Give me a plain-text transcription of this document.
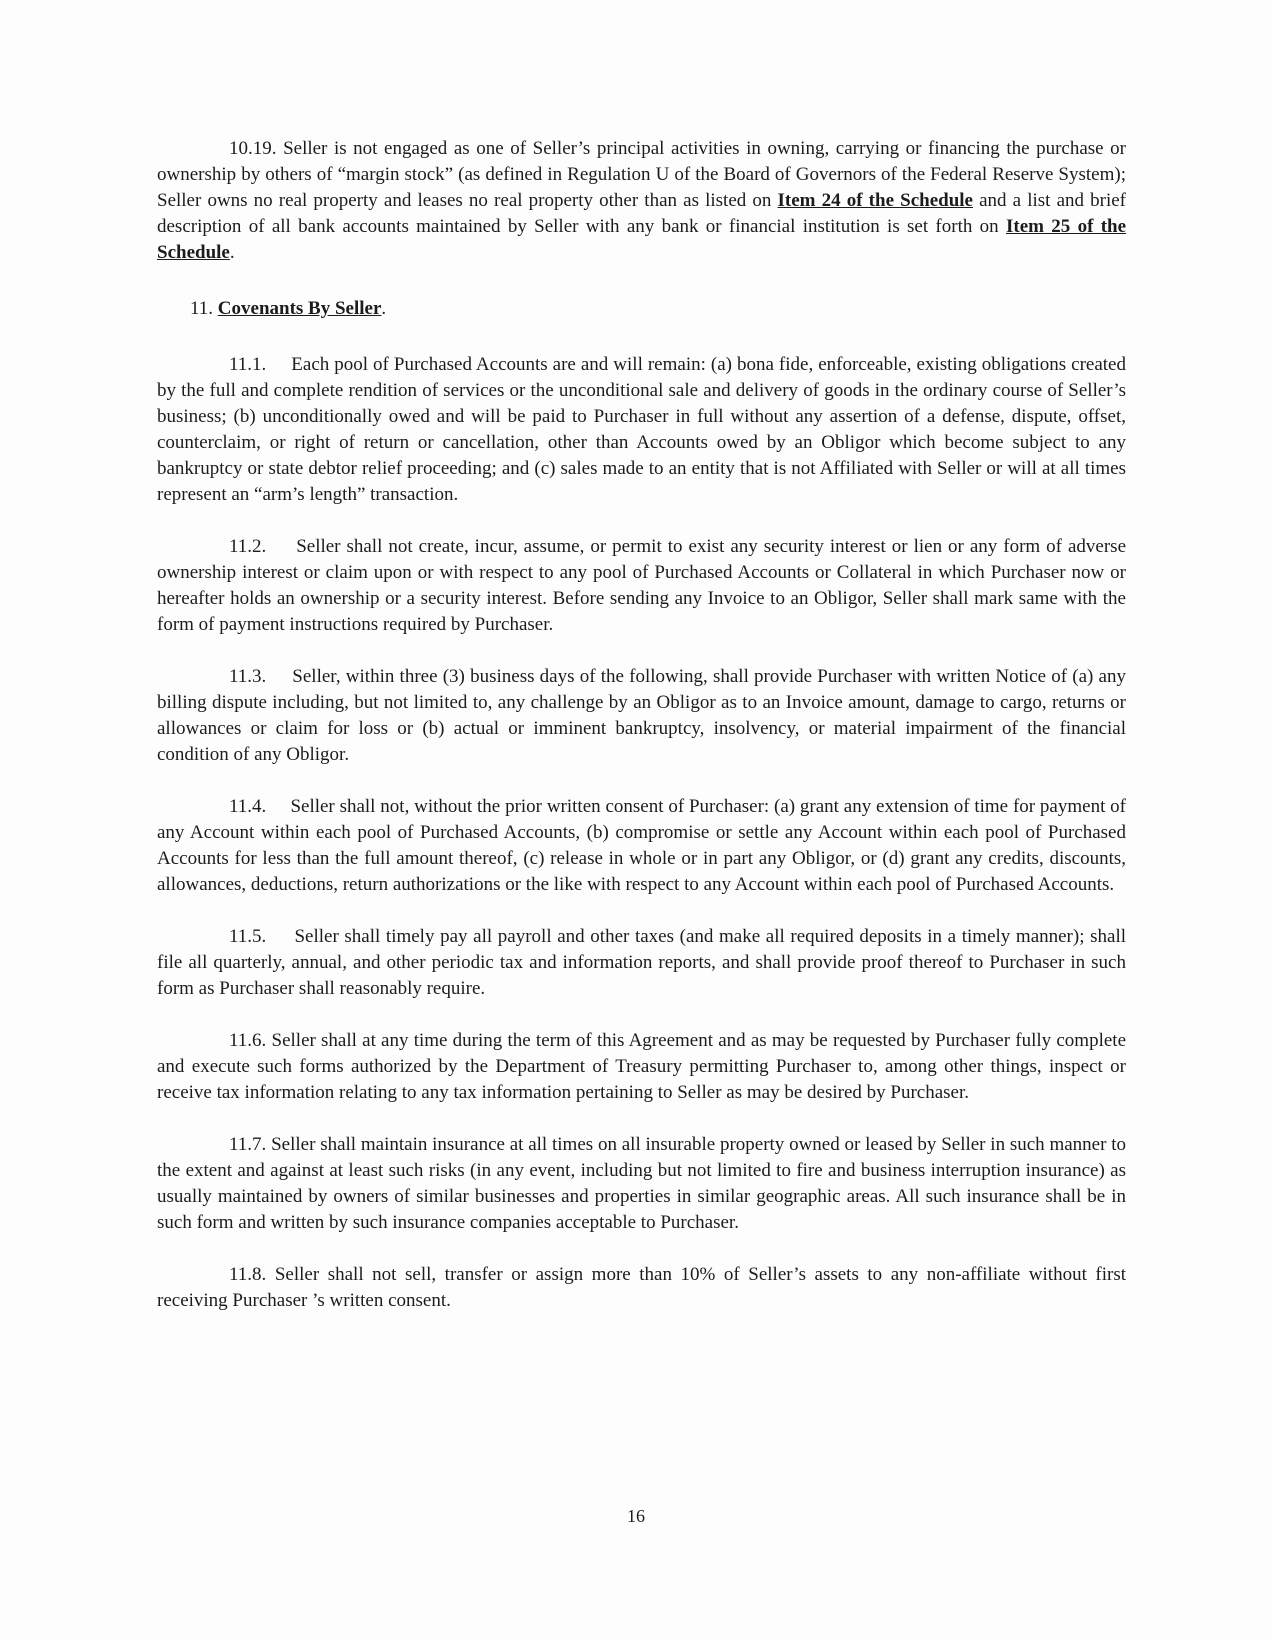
10.19. Seller is not engaged as one of Seller’s principal activities in owning, carrying or financing the purchase or ownership by others of “margin stock” (as defined in Regulation U of the Board of Governors of the Federal Reserve System); Seller owns no real property and leases no real property other than as listed on Item 24 of the Schedule and a list and brief description of all bank accounts maintained by Seller with any bank or financial institution is set forth on Item 25 of the Schedule.

11. Covenants By Seller.

11.1. Each pool of Purchased Accounts are and will remain: (a) bona fide, enforceable, existing obligations created by the full and complete rendition of services or the unconditional sale and delivery of goods in the ordinary course of Seller’s business; (b) unconditionally owed and will be paid to Purchaser in full without any assertion of a defense, dispute, offset, counterclaim, or right of return or cancellation, other than Accounts owed by an Obligor which become subject to any bankruptcy or state debtor relief proceeding; and (c) sales made to an entity that is not Affiliated with Seller or will at all times represent an “arm’s length” transaction.

11.2. Seller shall not create, incur, assume, or permit to exist any security interest or lien or any form of adverse ownership interest or claim upon or with respect to any pool of Purchased Accounts or Collateral in which Purchaser now or hereafter holds an ownership or a security interest. Before sending any Invoice to an Obligor, Seller shall mark same with the form of payment instructions required by Purchaser.

11.3. Seller, within three (3) business days of the following, shall provide Purchaser with written Notice of (a) any billing dispute including, but not limited to, any challenge by an Obligor as to an Invoice amount, damage to cargo, returns or allowances or claim for loss or (b) actual or imminent bankruptcy, insolvency, or material impairment of the financial condition of any Obligor.

11.4. Seller shall not, without the prior written consent of Purchaser: (a) grant any extension of time for payment of any Account within each pool of Purchased Accounts, (b) compromise or settle any Account within each pool of Purchased Accounts for less than the full amount thereof, (c) release in whole or in part any Obligor, or (d) grant any credits, discounts, allowances, deductions, return authorizations or the like with respect to any Account within each pool of Purchased Accounts.

11.5. Seller shall timely pay all payroll and other taxes (and make all required deposits in a timely manner); shall file all quarterly, annual, and other periodic tax and information reports, and shall provide proof thereof to Purchaser in such form as Purchaser shall reasonably require.

11.6. Seller shall at any time during the term of this Agreement and as may be requested by Purchaser fully complete and execute such forms authorized by the Department of Treasury permitting Purchaser to, among other things, inspect or receive tax information relating to any tax information pertaining to Seller as may be desired by Purchaser.

11.7. Seller shall maintain insurance at all times on all insurable property owned or leased by Seller in such manner to the extent and against at least such risks (in any event, including but not limited to fire and business interruption insurance) as usually maintained by owners of similar businesses and properties in similar geographic areas. All such insurance shall be in such form and written by such insurance companies acceptable to Purchaser.

11.8. Seller shall not sell, transfer or assign more than 10% of Seller’s assets to any non-affiliate without first receiving Purchaser ’s written consent.

16
